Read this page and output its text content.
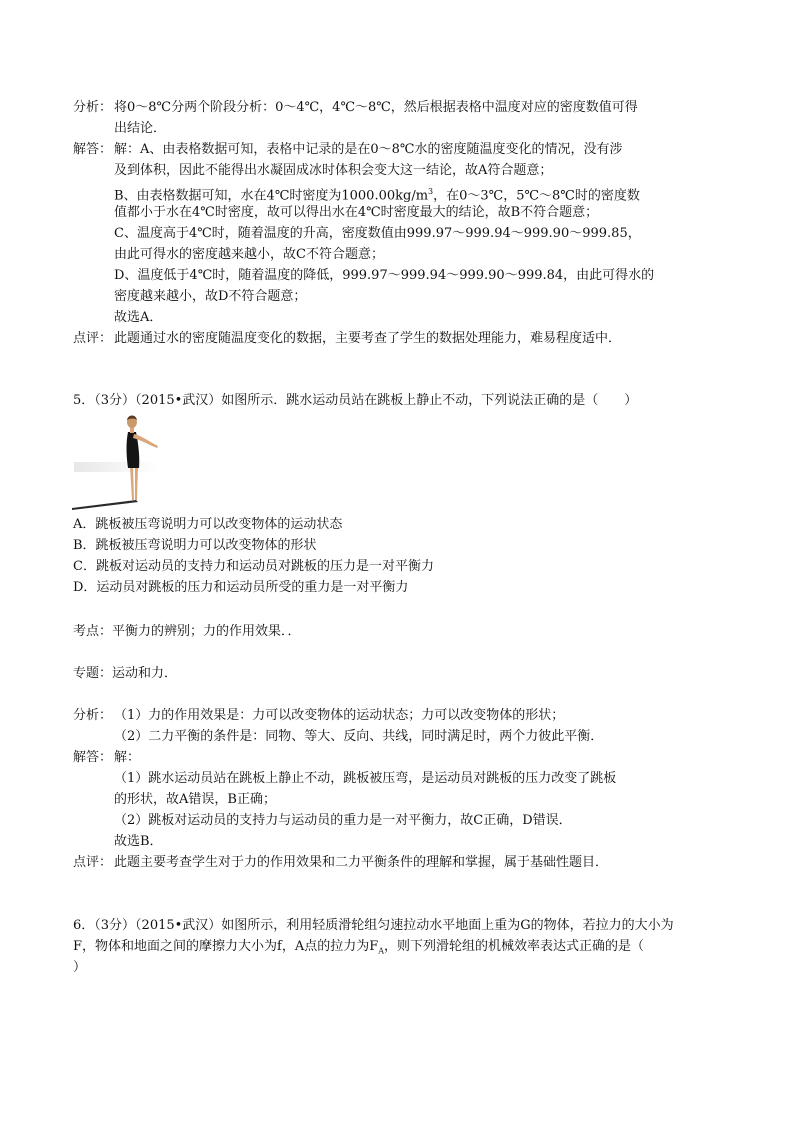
分析： 将0～8℃分两个阶段分析：0～4℃，4℃～8℃，然后根据表格中温度对应的密度数值可得
出结论．
解答： 解：A、由表格数据可知，表格中记录的是在0～8℃水的密度随温度变化的情况，没有涉
及到体积，因此不能得出水凝固成冰时体积会变大这一结论，故A符合题意；
B、由表格数据可知，水在4℃时密度为$1000.00kg/m^3$，在0～3℃，5℃～8℃时的密度数
值都小于水在4℃时密度，故可以得出水在4℃时密度最大的结论，故B不符合题意；
C、温度高于4℃时，随着温度的升高，密度数值由999.97～999.94～999.90～999.85，
由此可得水的密度越来越小，故C不符合题意；
D、温度低于4℃时，随着温度的降低，999.97～999.94～999.90～999.84，由此可得水的
密度越来越小，故D不符合题意；
故选A．
点评： 此题通过水的密度随温度变化的数据，主要考查了学生的数据处理能力，难易程度适中．
5．（3分）（2015•武汉）如图所示．跳水运动员站在跳板上静止不动，下列说法正确的是（　　）
A．跳板被压弯说明力可以改变物体的运动状态
B．跳板被压弯说明力可以改变物体的形状
C．跳板对运动员的支持力和运动员对跳板的压力是一对平衡力
D．运动员对跳板的压力和运动员所受的重力是一对平衡力
考点：平衡力的辨别；力的作用效果．．
专题：运动和力．
分析： （1）力的作用效果是：力可以改变物体的运动状态；力可以改变物体的形状；
（2）二力平衡的条件是：同物、等大、反向、共线，同时满足时，两个力彼此平衡．
解答： 解：
（1）跳水运动员站在跳板上静止不动，跳板被压弯，是运动员对跳板的压力改变了跳板
的形状，故A错误，B正确；
（2）跳板对运动员的支持力与运动员的重力是一对平衡力，故C正确，D错误．
故选B．
点评： 此题主要考查学生对于力的作用效果和二力平衡条件的理解和掌握，属于基础性题目．
6．（3分）（2015•武汉）如图所示，利用轻质滑轮组匀速拉动水平地面上重为G的物体，若拉力的大小为
F，物体和地面之间的摩擦力大小为f，A点的拉力为$F_A$，则下列滑轮组的机械效率表达式正确的是（
）
